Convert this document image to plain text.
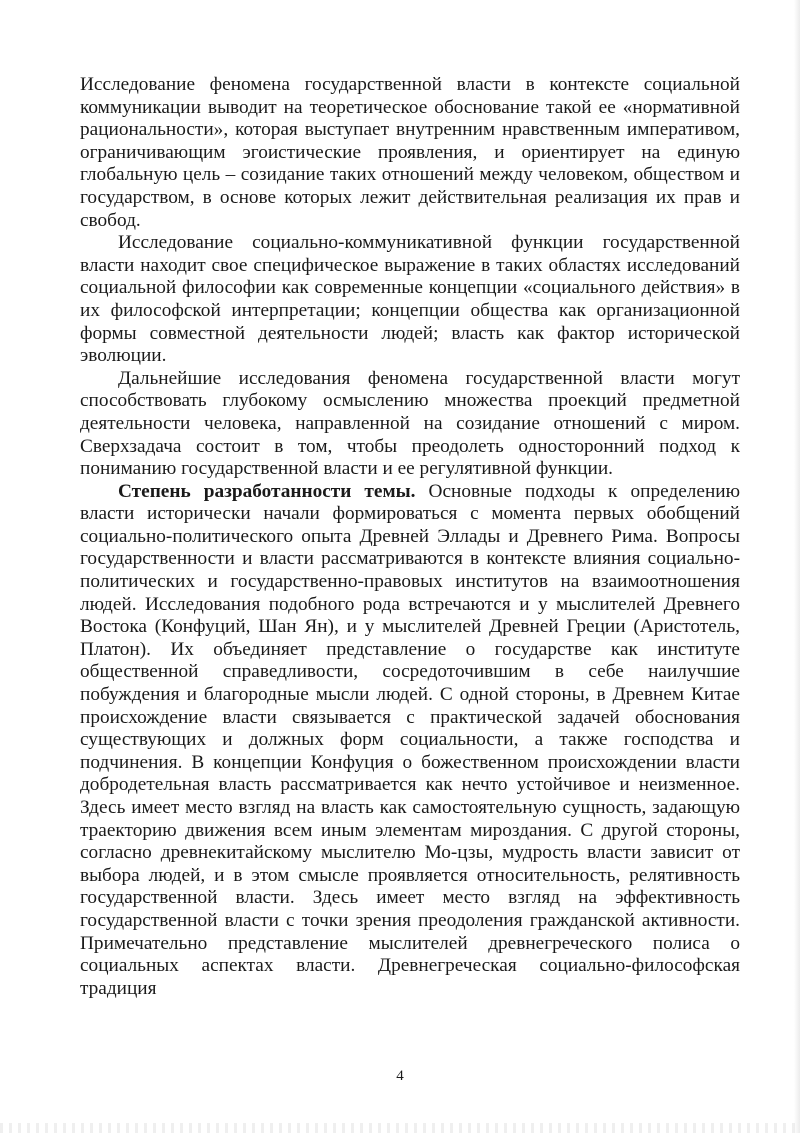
Исследование феномена государственной власти в контексте социальной коммуникации выводит на теоретическое обоснование такой ее «нормативной рациональности», которая выступает внутренним нравственным императивом, ограничивающим эгоистические проявления, и ориентирует на единую глобальную цель – созидание таких отношений между человеком, обществом и государством, в основе которых лежит действительная реализация их прав и свобод.

Исследование социально-коммуникативной функции государственной власти находит свое специфическое выражение в таких областях исследований социальной философии как современные концепции «социального действия» в их философской интерпретации; концепции общества как организационной формы совместной деятельности людей; власть как фактор исторической эволюции.

Дальнейшие исследования феномена государственной власти могут способствовать глубокому осмыслению множества проекций предметной деятельности человека, направленной на созидание отношений с миром. Сверхзадача состоит в том, чтобы преодолеть односторонний подход к пониманию государственной власти и ее регулятивной функции.

Степень разработанности темы. Основные подходы к определению власти исторически начали формироваться с момента первых обобщений социально-политического опыта Древней Эллады и Древнего Рима. Вопросы государственности и власти рассматриваются в контексте влияния социально-политических и государственно-правовых институтов на взаимоотношения людей. Исследования подобного рода встречаются и у мыслителей Древнего Востока (Конфуций, Шан Ян), и у мыслителей Древней Греции (Аристотель, Платон). Их объединяет представление о государстве как институте общественной справедливости, сосредоточившим в себе наилучшие побуждения и благородные мысли людей. С одной стороны, в Древнем Китае происхождение власти связывается с практической задачей обоснования существующих и должных форм социальности, а также господства и подчинения. В концепции Конфуция о божественном происхождении власти добродетельная власть рассматривается как нечто устойчивое и неизменное. Здесь имеет место взгляд на власть как самостоятельную сущность, задающую траекторию движения всем иным элементам мироздания. С другой стороны, согласно древнекитайскому мыслителю Мо-цзы, мудрость власти зависит от выбора людей, и в этом смысле проявляется относительность, релятивность государственной власти. Здесь имеет место взгляд на эффективность государственной власти с точки зрения преодоления гражданской активности. Примечательно представление мыслителей древнегреческого полиса о социальных аспектах власти. Древнегреческая социально-философская традиция

4
